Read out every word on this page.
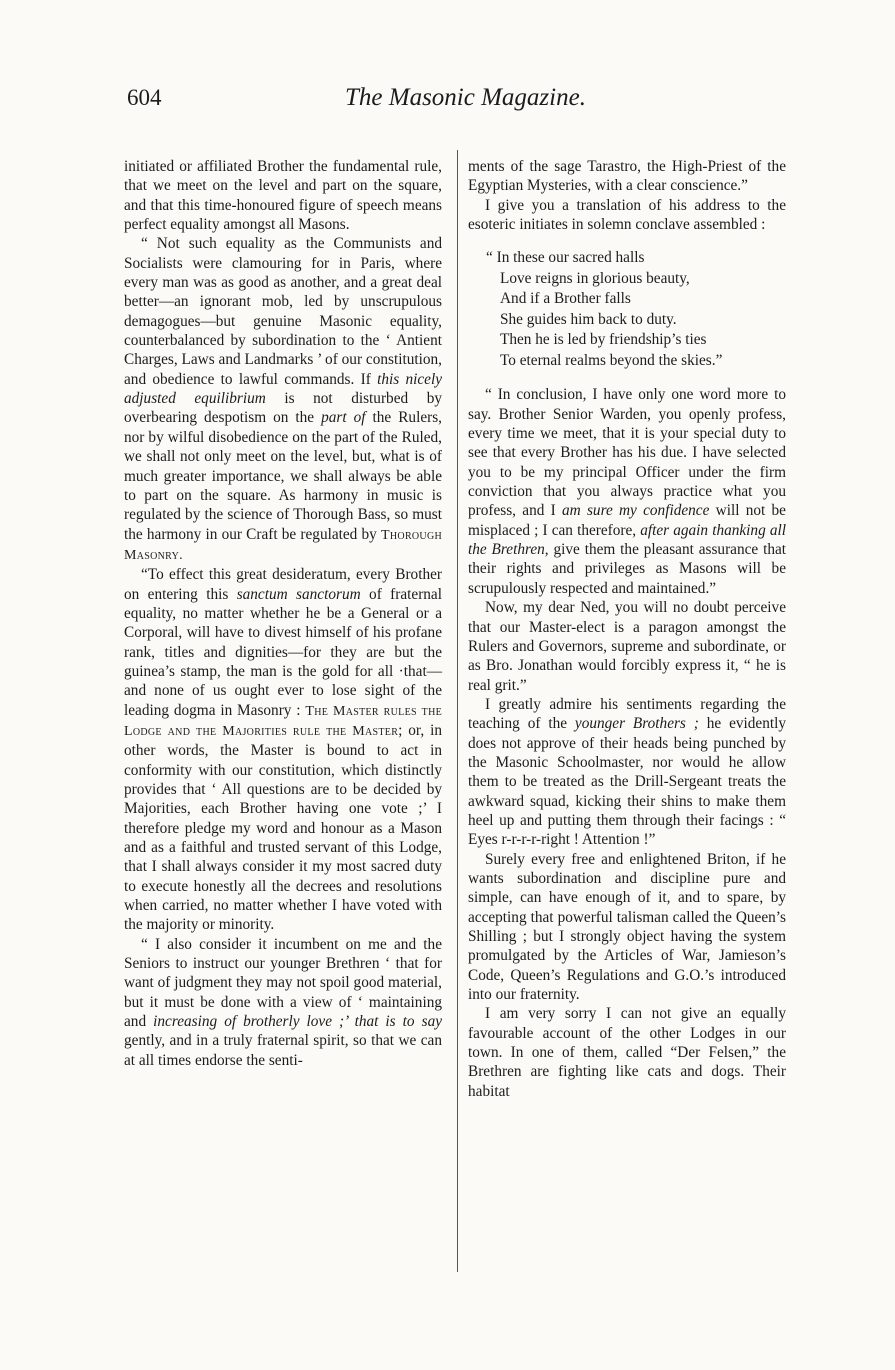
604	The Masonic Magazine.

initiated or affiliated Brother the fundamental rule, that we meet on the level and part on the square, and that this time-honoured figure of speech means perfect equality amongst all Masons.

“ Not such equality as the Communists and Socialists were clamouring for in Paris, where every man was as good as another, and a great deal better—an ignorant mob, led by unscrupulous demagogues—but genuine Masonic equality, counterbalanced by subordination to the ‘ Antient Charges, Laws and Landmarks ’ of our constitution, and obedience to lawful commands. If this nicely adjusted equilibrium is not disturbed by overbearing despotism on the part of the Rulers, nor by wilful disobedience on the part of the Ruled, we shall not only meet on the level, but, what is of much greater importance, we shall always be able to part on the square. As harmony in music is regulated by the science of Thorough Bass, so must the harmony in our Craft be regulated by Thorough Masonry.

“To effect this great desideratum, every Brother on entering this sanctum sanctorum of fraternal equality, no matter whether he be a General or a Corporal, will have to divest himself of his profane rank, titles and dignities—for they are but the guinea’s stamp, the man is the gold for all ·that—and none of us ought ever to lose sight of the leading dogma in Masonry : The Master rules the Lodge and the Majorities rule the Master; or, in other words, the Master is bound to act in conformity with our constitution, which distinctly provides that ‘ All questions are to be decided by Majorities, each Brother having one vote ;’ I therefore pledge my word and honour as a Mason and as a faithful and trusted servant of this Lodge, that I shall always consider it my most sacred duty to execute honestly all the decrees and resolutions when carried, no matter whether I have voted with the majority or minority.

“ I also consider it incumbent on me and the Seniors to instruct our younger Brethren ‘ that for want of judgment they may not spoil good material, but it must be done with a view of ‘ maintaining and increasing of brotherly love ;’ that is to say gently, and in a truly fraternal spirit, so that we can at all times endorse the senti-

ments of the sage Tarastro, the High-Priest of the Egyptian Mysteries, with a clear conscience.”

I give you a translation of his address to the esoteric initiates in solemn conclave assembled :

“ In these our sacred halls
Love reigns in glorious beauty,
And if a Brother falls
She guides him back to duty.
Then he is led by friendship’s ties
To eternal realms beyond the skies.”

“ In conclusion, I have only one word more to say. Brother Senior Warden, you openly profess, every time we meet, that it is your special duty to see that every Brother has his due. I have selected you to be my principal Officer under the firm conviction that you always practice what you profess, and I am sure my confidence will not be misplaced ; I can therefore, after again thanking all the Brethren, give them the pleasant assurance that their rights and privileges as Masons will be scrupulously respected and maintained.”

Now, my dear Ned, you will no doubt perceive that our Master-elect is a paragon amongst the Rulers and Governors, supreme and subordinate, or as Bro. Jonathan would forcibly express it, “ he is real grit.”

I greatly admire his sentiments regarding the teaching of the younger Brothers ; he evidently does not approve of their heads being punched by the Masonic Schoolmaster, nor would he allow them to be treated as the Drill-Sergeant treats the awkward squad, kicking their shins to make them heel up and putting them through their facings : “ Eyes r-r-r-r-right ! Attention !”

Surely every free and enlightened Briton, if he wants subordination and discipline pure and simple, can have enough of it, and to spare, by accepting that powerful talisman called the Queen’s Shilling ; but I strongly object having the system promulgated by the Articles of War, Jamieson’s Code, Queen’s Regulations and G.O.’s introduced into our fraternity.

I am very sorry I can not give an equally favourable account of the other Lodges in our town. In one of them, called “Der Felsen,” the Brethren are fighting like cats and dogs. Their habitat
